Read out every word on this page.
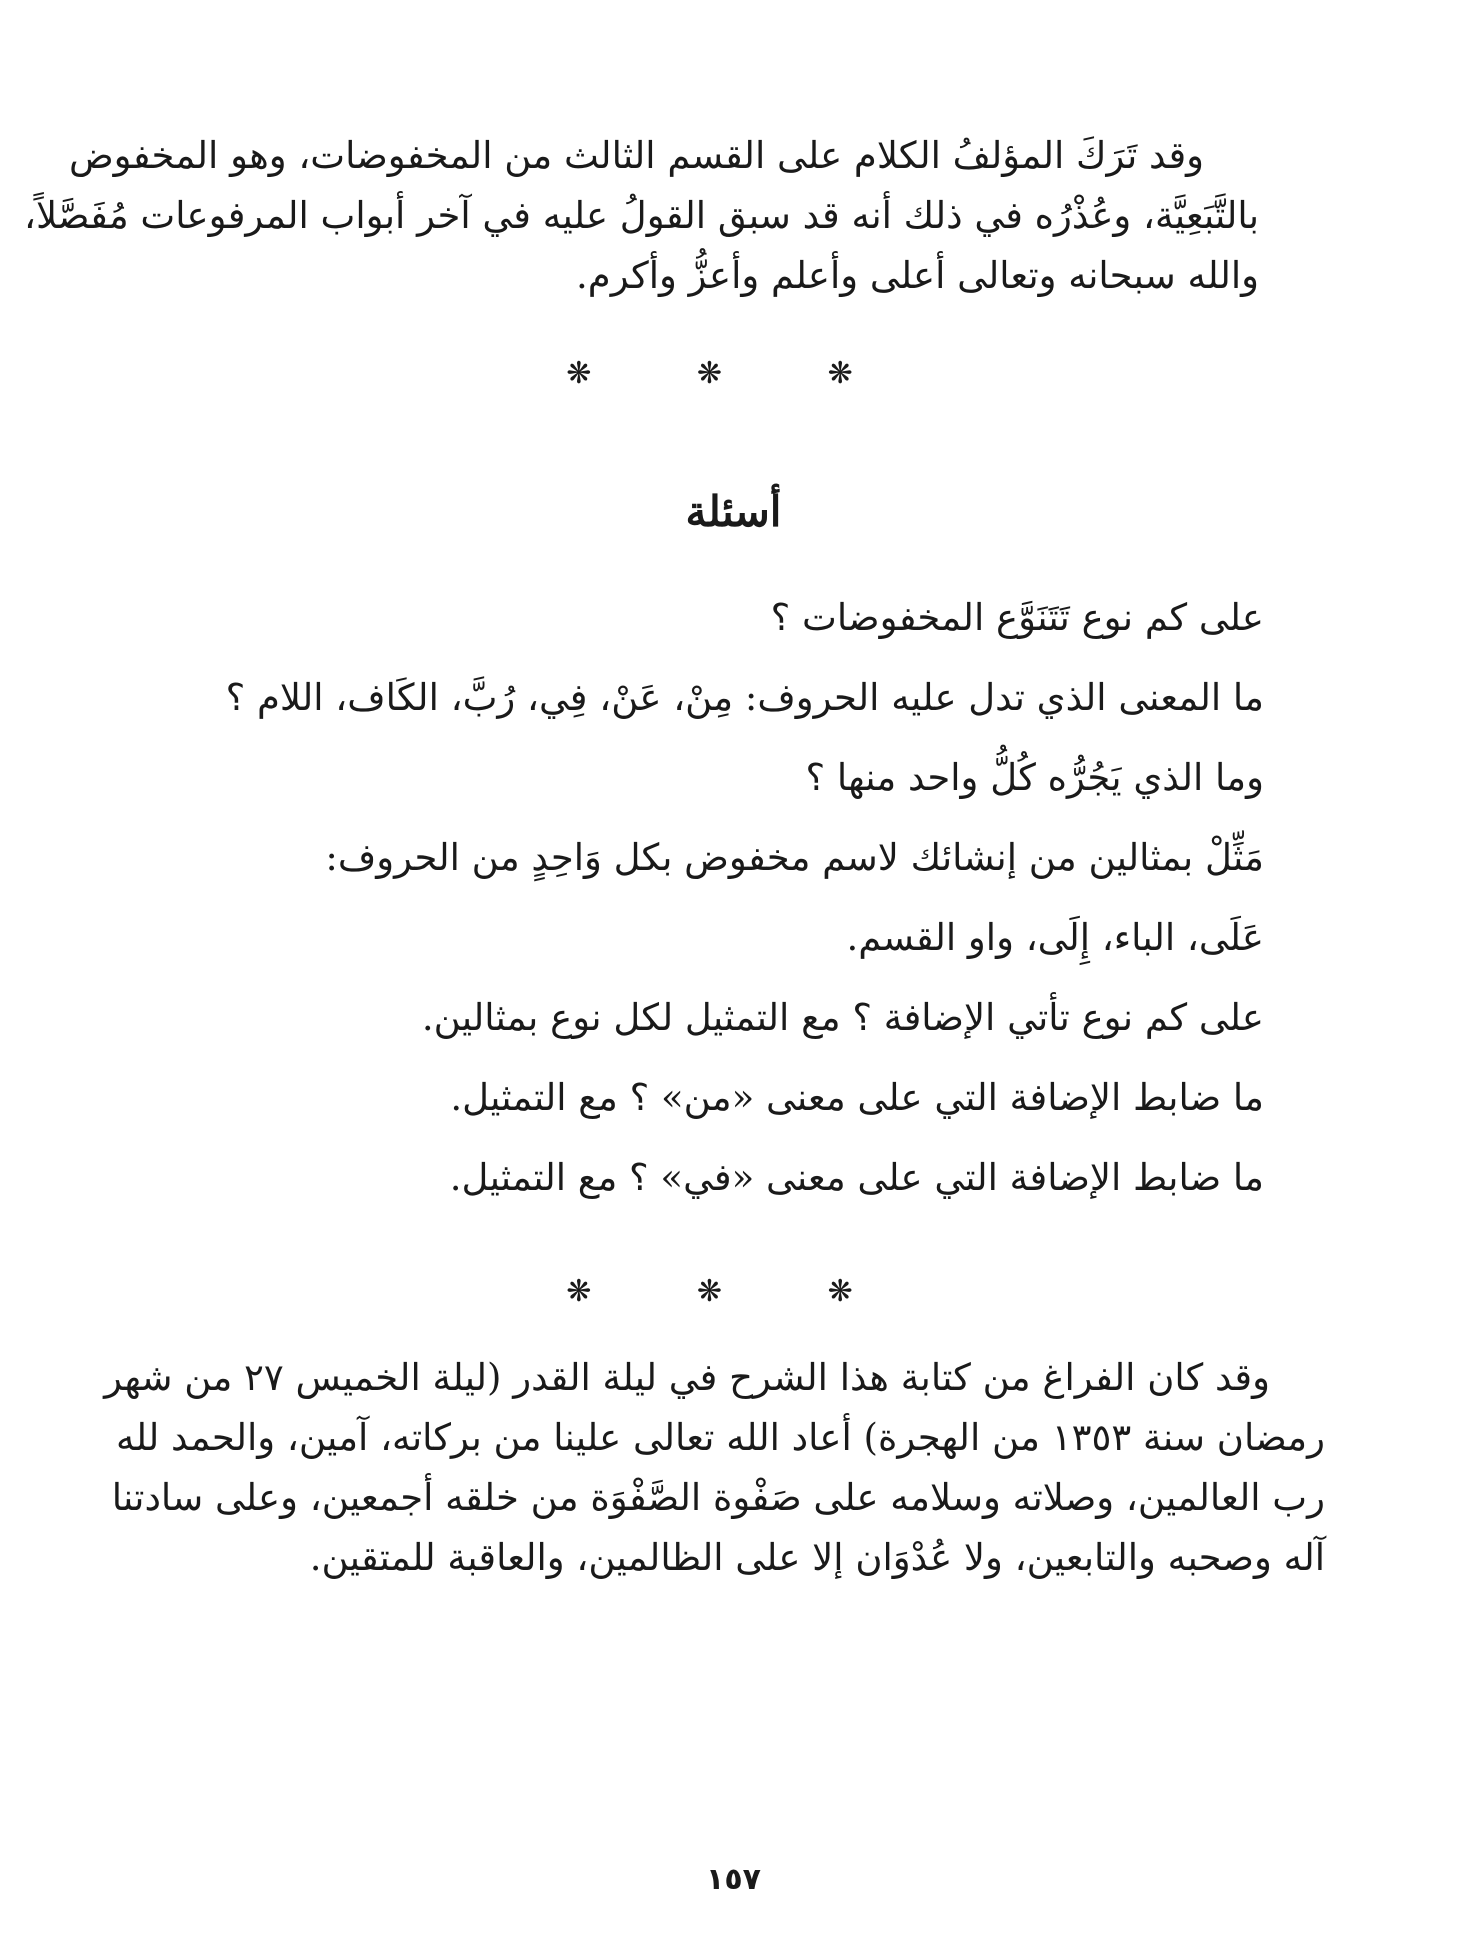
وقد تَرَكَ المؤلفُ الكلام على القسم الثالث من المخفوضات، وهو المخفوض
بالتَّبَعِيَّة، وعُذْرُه في ذلك أنه قد سبق القولُ عليه في آخر أبواب المرفوعات مُفَصَّلاً،
والله سبحانه وتعالى أعلى وأعلم وأعزُّ وأكرم.
❋ ❋ ❋
أسئلة
على كم نوع تَتَنَوَّع المخفوضات ؟
ما المعنى الذي تدل عليه الحروف: مِنْ، عَنْ، فِي، رُبَّ، الكَاف، اللام ؟
وما الذي يَجُرُّه كُلُّ واحد منها ؟
مَثِّلْ بمثالين من إنشائك لاسم مخفوض بكل وَاحِدٍ من الحروف:
عَلَى، الباء، إِلَى، واو القسم.
على كم نوع تأتي الإضافة ؟ مع التمثيل لكل نوع بمثالين.
ما ضابط الإضافة التي على معنى «من» ؟ مع التمثيل.
ما ضابط الإضافة التي على معنى «في» ؟ مع التمثيل.
❋ ❋ ❋
وقد كان الفراغ من كتابة هذا الشرح في ليلة القدر (ليلة الخميس ٢٧ من شهر
رمضان سنة ١٣٥٣ من الهجرة) أعاد الله تعالى علينا من بركاته، آمين، والحمد لله
رب العالمين، وصلاته وسلامه على صَفْوة الصَّفْوَة من خلقه أجمعين، وعلى سادتنا
آله وصحبه والتابعين، ولا عُدْوَان إلا على الظالمين، والعاقبة للمتقين.
١٥٧
